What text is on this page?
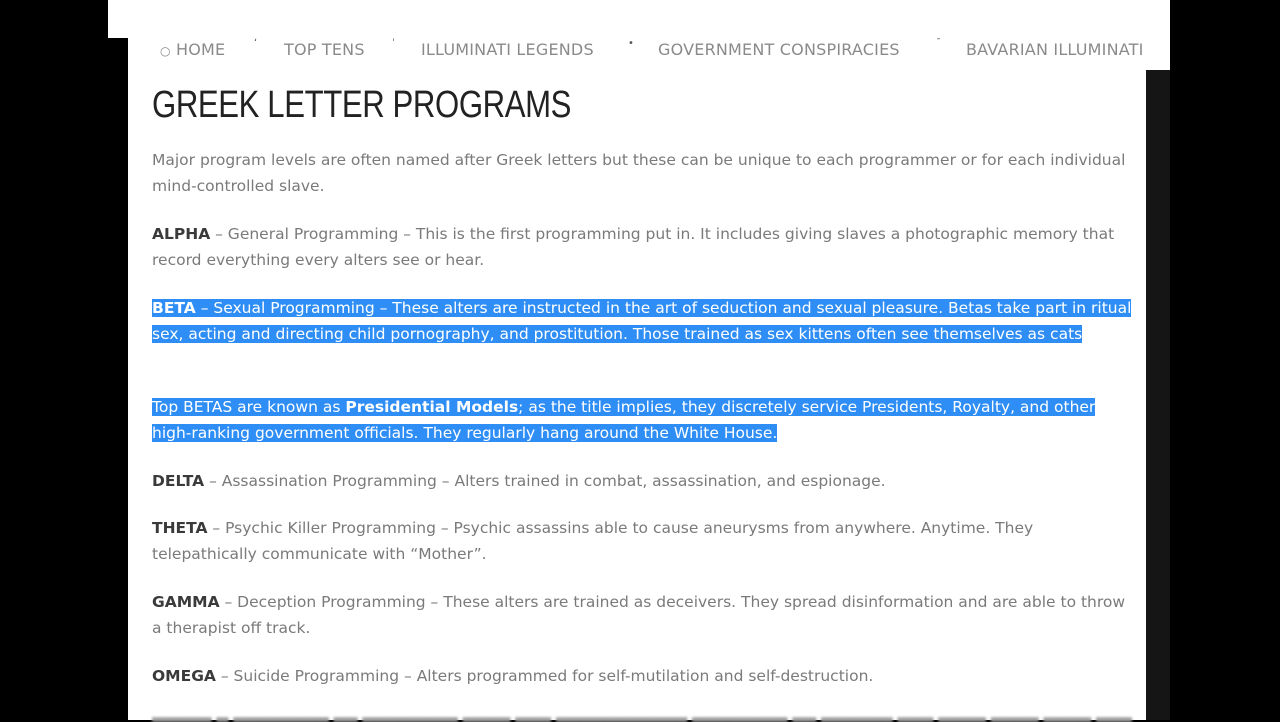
○ HOME	ʻ TOP TENS	ˈ ILLUMINATI LEGENDS	• GOVERNMENT CONSPIRACIES	ˉ BAVARIAN ILLUMINATI
GREEK LETTER PROGRAMS

Major program levels are often named after Greek letters but these can be unique to each programmer or for each individual mind-controlled slave.

ALPHA – General Programming – This is the first programming put in. It includes giving slaves a photographic memory that record everything every alters see or hear.

BETA – Sexual Programming – These alters are instructed in the art of seduction and sexual pleasure. Betas take part in ritual sex, acting and directing child pornography, and prostitution. Those trained as sex kittens often see themselves as cats

Top BETAS are known as Presidential Models; as the title implies, they discretely service Presidents, Royalty, and other high-ranking government officials. They regularly hang around the White House.

DELTA – Assassination Programming – Alters trained in combat, assassination, and espionage.

THETA – Psychic Killer Programming – Psychic assassins able to cause aneurysms from anywhere. Anytime. They telepathically communicate with “Mother”.

GAMMA – Deception Programming – These alters are trained as deceivers. They spread disinformation and are able to throw a therapist off track.

OMEGA – Suicide Programming – Alters programmed for self-mutilation and self-destruction.

▂▂▂▂▂ ▂ ▂▂▂▂▂▂▂▂ ▂▂ ▂▂▂▂▂▂▂▂ ▂▂▂▂ ▂▂▂ ▂▂▂▂▂▂▂▂▂▂▂ ▂▂▂▂▂▂▂▂ ▂▂ ▂▂▂▂▂▂ ▂▂▂ ▂▂▂▂ ▂▂▂▂ ▂▂▂▂ ▂▂▂
